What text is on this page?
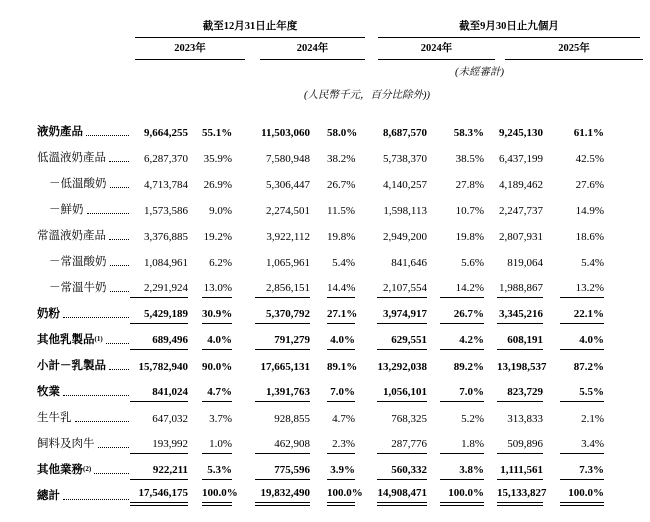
截至12月31日止年度	截至9月30日止九個月
2023年	2024年	2024年	2025年
(未經審計)
(人民幣千元，百分比除外))
液奶產品	9,664,255 55.1%	11,503,060 58.0%	8,687,570	58.3% 9,245,130	61.1%
低溫液奶產品	6,287,370 35.9%	7,580,948 38.2%	5,738,370	38.5% 6,437,199	42.5%
－低溫酸奶	4,713,784 26.9%	5,306,447 26.7%	4,140,257	27.8% 4,189,462	27.6%
－鮮奶	1,573,586	9.0%	2,274,501 11.5%	1,598,113	10.7% 2,247,737	14.9%
常溫液奶產品	3,376,885 19.2%	3,922,112 19.8%	2,949,200	19.8% 2,807,931	18.6%
－常溫酸奶	1,084,961	6.2%	1,065,961	5.4%	841,646	5.6%	819,064	5.4%
－常溫牛奶	2,291,924 13.0%	2,856,151 14.4%	2,107,554	14.2% 1,988,867	13.2%
奶粉	5,429,189 30.9%	5,370,792 27.1%	3,974,917	26.7% 3,345,216	22.1%
其他乳製品 (1)	689,496	4.0%	791,279 4.0%	629,551	4.2%	608,191	4.0%
小計－乳製品	15,782,940 90.0%	17,665,131 89.1% 13,292,038	89.2% 13,198,537	87.2%
牧業	841,024	4.7%	1,391,763 7.0%	1,056,101	7.0%	823,729	5.5%
生牛乳	647,032	3.7%	928,855	4.7%	768,325	5.2%	313,833	2.1%
飼料及肉牛	193,992	1.0%	462,908	2.3%	287,776	1.8%	509,896	3.4%
其他業務 (2)	922,211	5.3%	775,596 3.9%	560,332	3.8% 1,111,561	7.3%
總計	17,546,175 100.0%	19,832,490 100.0% 14,908,471	100.0% 15,133,827	100.0%
